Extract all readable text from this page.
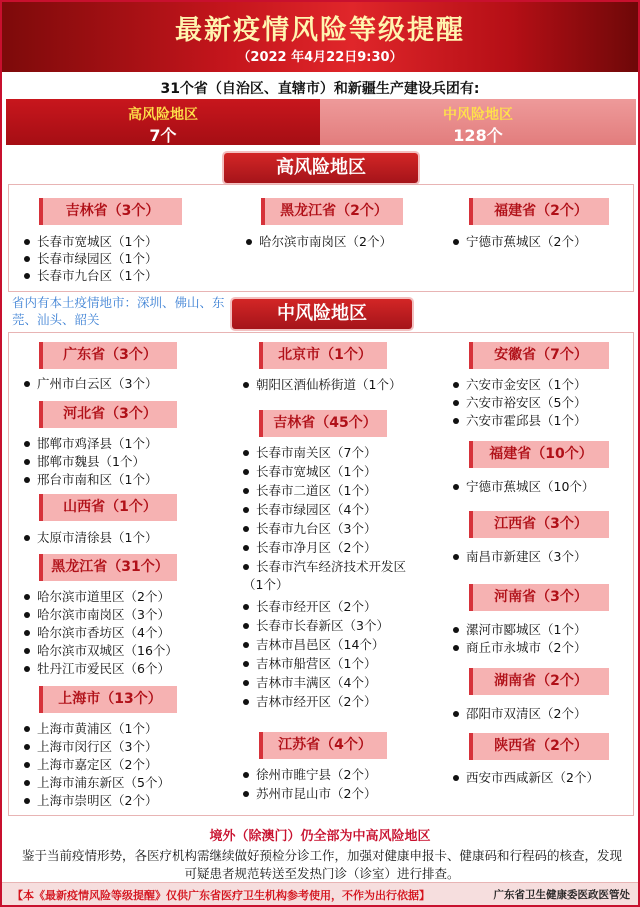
最新疫情风险等级提醒
（2022 年4月22日9:30）
31个省（自治区、直辖市）和新疆生产建设兵团有:
高风险地区
7个
中风险地区
128个
高风险地区
吉林省（3个）
长春市宽城区（1个）
长春市绿园区（1个）
长春市九台区（1个）
黑龙江省（2个）
哈尔滨市南岗区（2个）
福建省（2个）
宁德市蕉城区（2个）
省内有本土疫情地市：深圳、佛山、东莞、汕头、韶关	中风险地区
广东省（3个）
广州市白云区（3个）
河北省（3个）
邯郸市鸡泽县（1个）
邯郸市魏县（1个）
邢台市南和区（1个）
山西省（1个）
太原市清徐县（1个）
黑龙江省（31个）
哈尔滨市道里区（2个）
哈尔滨市南岗区（3个）
哈尔滨市香坊区（4个）
哈尔滨市双城区（16个）
牡丹江市爱民区（6个）
上海市（13个）
上海市黄浦区（1个）
上海市闵行区（3个）
上海市嘉定区（2个）
上海市浦东新区（5个）
上海市崇明区（2个）
北京市（1个）
朝阳区酒仙桥街道（1个）
吉林省（45个）
长春市南关区（7个）
长春市宽城区（1个）
长春市二道区（1个）
长春市绿园区（4个）
长春市九台区（3个）
长春市净月区（2个）
长春市汽车经济技术开发区（1个）
长春市经开区（2个）
长春市长春新区（3个）
吉林市昌邑区（14个）
吉林市船营区（1个）
吉林市丰满区（4个）
吉林市经开区（2个）
江苏省（4个）
徐州市睢宁县（2个）
苏州市昆山市（2个）
安徽省（7个）
六安市金安区（1个）
六安市裕安区（5个）
六安市霍邱县（1个）
福建省（10个）
宁德市蕉城区（10个）
江西省（3个）
南昌市新建区（3个）
河南省（3个）
漯河市郾城区（1个）
商丘市永城市（2个）
湖南省（2个）
邵阳市双清区（2个）
陕西省（2个）
西安市西咸新区（2个）
境外（除澳门）仍全部为中高风险地区
鉴于当前疫情形势，各医疗机构需继续做好预检分诊工作，加强对健康申报卡、健康码和行程码的核查，发现可疑患者规范转送至发热门诊（诊室）进行排查。
【本《最新疫情风险等级提醒》仅供广东省医疗卫生机构参考使用，不作为出行依据】	广东省卫生健康委医政医管处
